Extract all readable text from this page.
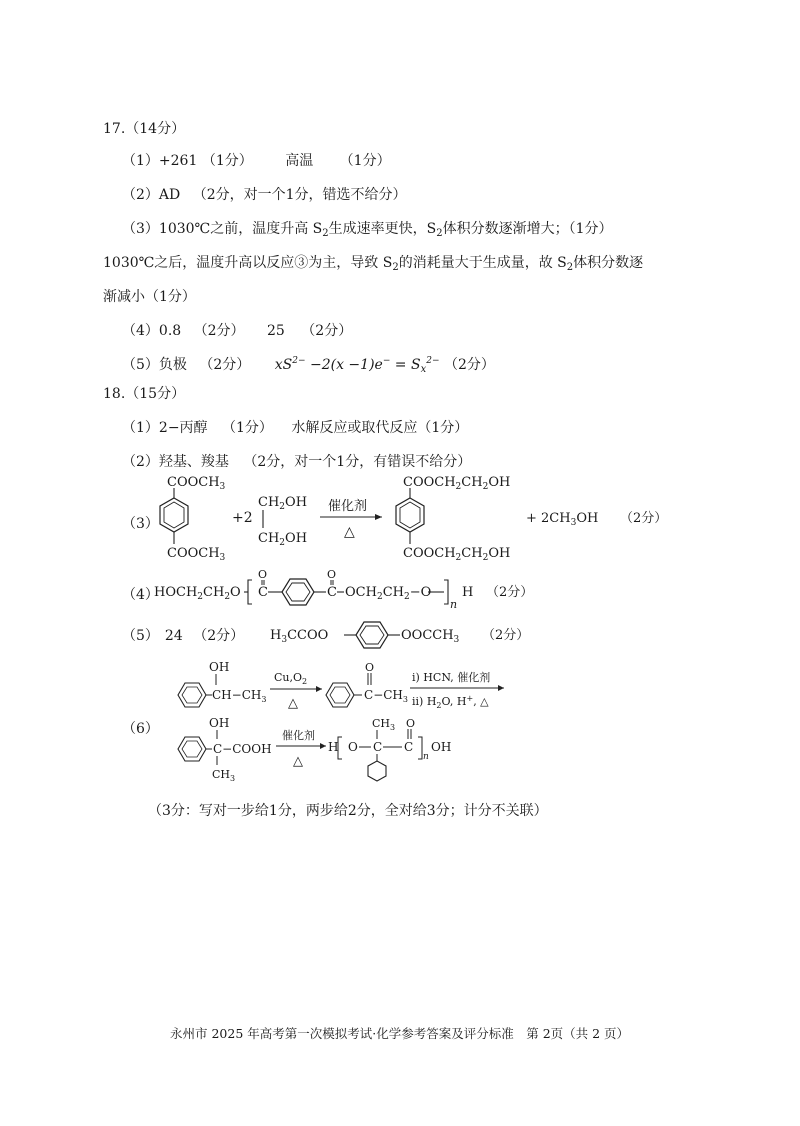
17.（14分）
（1）+261 （1分） 高温 （1分）
（2）AD （2分，对一个1分，错选不给分）
（3）1030℃之前，温度升高 $S_2$生成速率更快，$S_2$体积分数逐渐增大；（1分）
1030℃之后，温度升高以反应③为主，导致 $S_2$的消耗量大于生成量，故 $S_2$体积分数逐
渐减小（1分）
（4）0.8 （2分） 25 （2分）
（5）负极 （2分） $xS^{2-} -2(x -1)e^- = S_x^{2-}$ （2分）
18.（15分）
（1）2−丙醇 （1分） 水解反应或取代反应（1分）
（2）羟基、羧基 （2分，对一个1分，有错误不给分）
（3）
$COOCH_3$
$COOCH_3$
+2
$CH_2OH$
$CH_2OH$
催化剂
△
$COOCH_2CH_2OH$
$COOCH_2CH_2OH$
+ $2CH_3OH$ （2分）
（4）
$HOCH_2CH_2O$
O
C
O
C $OCH_2CH_2-O$
n
H （2分）
（5） 24 （2分） $H_3CCOO$	$OOCCH_3$ （2分）
（6）
OH
$CH-CH_3$
$Cu,O_2$
△
O
$C-CH_3$
i) HCN, 催化剂
ii) $H_2O$, H+, △
OH
C−COOH
$CH_3$
催化剂
△
H O
$CH_3$
C
O
C
n
OH
（3分：写对一步给1分，两步给2分，全对给3分；计分不关联）
永州市 2025 年高考第一次模拟考试·化学参考答案及评分标准　第 2页（共 2 页）
